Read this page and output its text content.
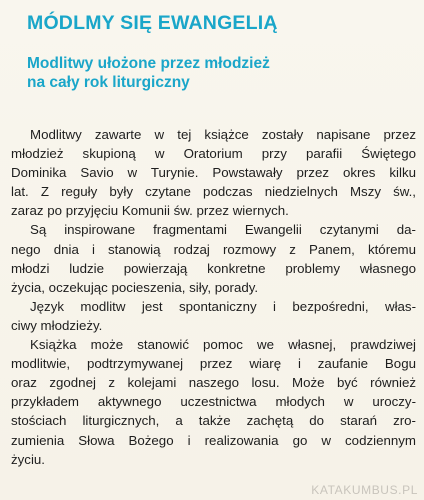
MÓDLMY SIĘ EWANGELIĄ
Modlitwy ułożone przez młodzież
na cały rok liturgiczny
Modlitwy zawarte w tej książce zostały napisane przez
młodzież skupioną w Oratorium przy parafii Świętego
Dominika Savio w Turynie. Powstawały przez okres kilku
lat. Z reguły były czytane podczas niedzielnych Mszy św.,
zaraz po przyjęciu Komunii św. przez wiernych.
Są inspirowane fragmentami Ewangelii czytanymi da-
nego dnia i stanowią rodzaj rozmowy z Panem, któremu
młodzi ludzie powierzają konkretne problemy własnego
życia, oczekując pocieszenia, siły, porady.
Język modlitw jest spontaniczny i bezpośredni, włas-
ciwy młodzieży.
Książka może stanowić pomoc we własnej, prawdziwej
modlitwie, podtrzymywanej przez wiarę i zaufanie Bogu
oraz zgodnej z kolejami naszego losu. Może być również
przykładem aktywnego uczestnictwa młodych w uroczy-
stościach liturgicznych, a także zachętą do starań zro-
zumienia Słowa Bożego i realizowania go w codziennym
życiu.
KATAKUMBUS.PL
